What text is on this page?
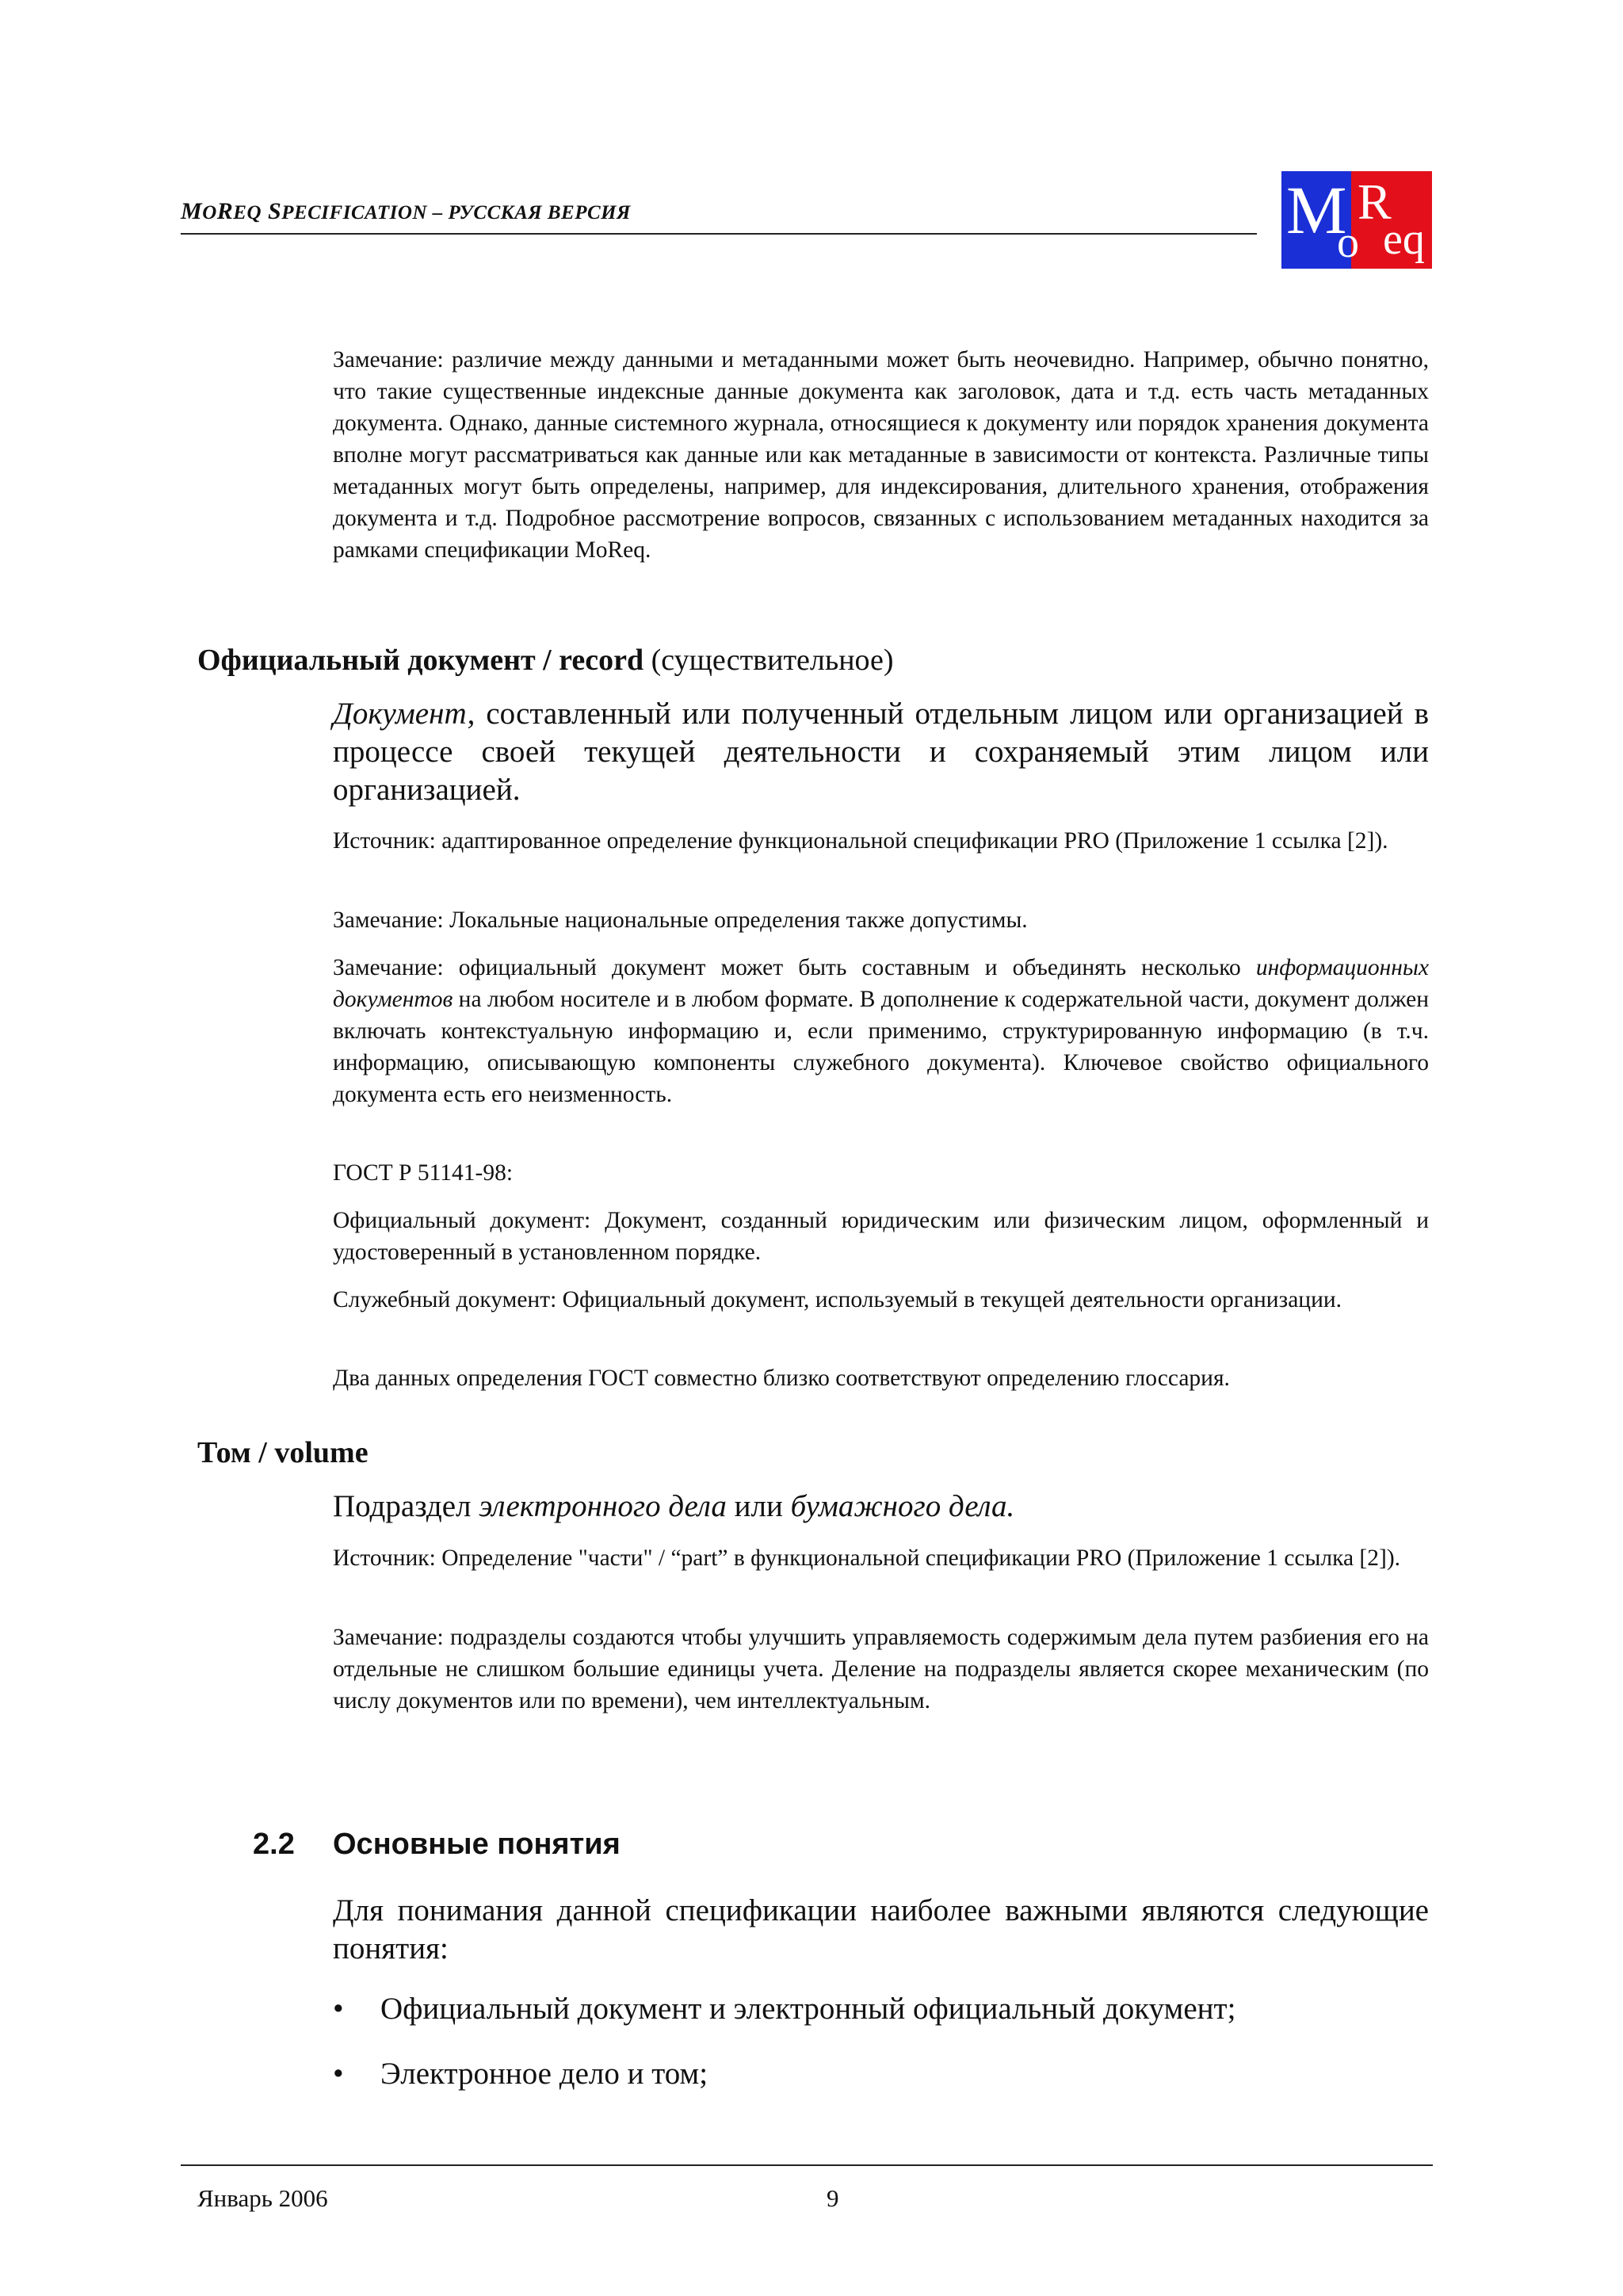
MOREQ SPECIFICATION – РУССКАЯ ВЕРСИЯ	M
o
R
eq

Замечание: различие между данными и метаданными может быть неочевидно. Например, обычно понятно, что такие существенные индексные данные документа как заголовок, дата и т.д. есть часть метаданных документа. Однако, данные системного журнала, относящиеся к документу или порядок хранения документа вполне могут рассматриваться как данные или как метаданные в зависимости от контекста. Различные типы метаданных могут быть определены, например, для индексирования, длительного хранения, отображения документа и т.д. Подробное рассмотрение вопросов, связанных с использованием метаданных находится за рамками спецификации MoReq.

Официальный документ / record (существительное)

Документ, составленный или полученный отдельным лицом или организацией в процессе своей текущей деятельности и сохраняемый этим лицом или организацией.

Источник: адаптированное определение функциональной спецификации PRO (Приложение 1 ссылка [2]).

Замечание: Локальные национальные определения также допустимы.

Замечание: официальный документ может быть составным и объединять несколько информационных документов на любом носителе и в любом формате. В дополнение к содержательной части, документ должен включать контекстуальную информацию и, если применимо, структурированную информацию (в т.ч. информацию, описывающую компоненты служебного документа). Ключевое свойство официального документа есть его неизменность.

ГОСТ Р 51141-98:

Официальный документ: Документ, созданный юридическим или физическим лицом, оформленный и удостоверенный в установленном порядке.

Служебный документ: Официальный документ, используемый в текущей деятельности организации.

Два данных определения ГОСТ совместно близко соответствуют определению глоссария.

Том / volume

Подраздел электронного дела или бумажного дела.

Источник: Определение "части" / “part” в функциональной спецификации PRO (Приложение 1 ссылка [2]).

Замечание: подразделы создаются чтобы улучшить управляемость содержимым дела путем разбиения его на отдельные не слишком большие единицы учета. Деление на подразделы является скорее механическим (по числу документов или по времени), чем интеллектуальным.

2.2 Основные понятия

Для понимания данной спецификации наиболее важными являются следующие понятия:

• Официальный документ и электронный официальный документ;
• Электронное дело и том;
Январь 2006	9
